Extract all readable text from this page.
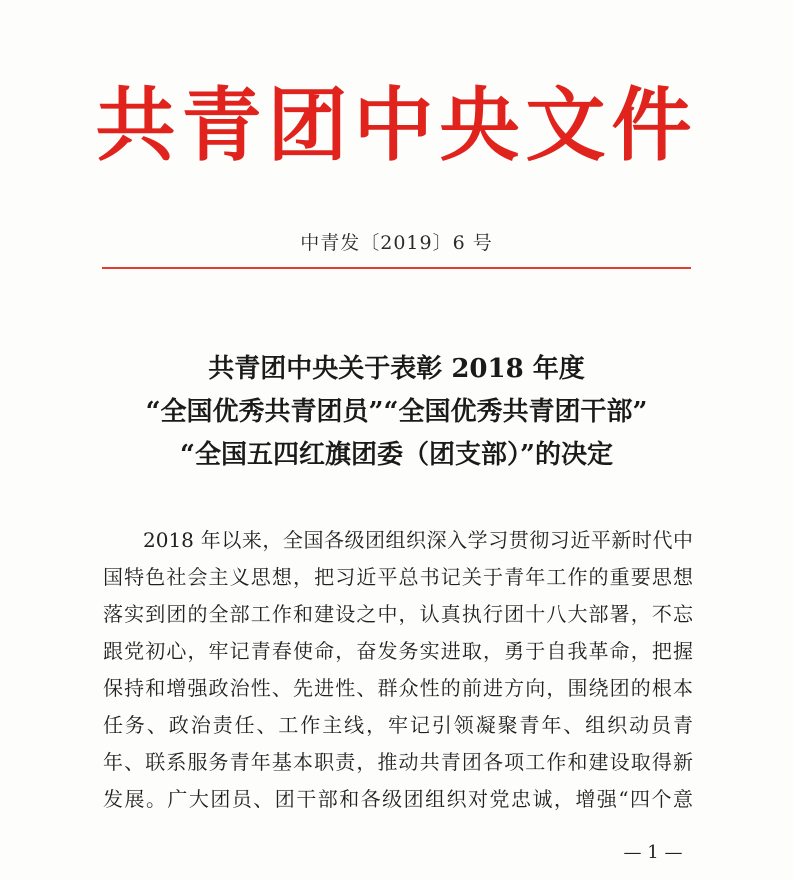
共青团中央文件
中青发〔2019〕6 号
共青团中央关于表彰 2018 年度
“全国优秀共青团员”“全国优秀共青团干部”
“全国五四红旗团委（团支部）”的决定
2018 年以来，全国各级团组织深入学习贯彻习近平新时代中
国特色社会主义思想，把习近平总书记关于青年工作的重要思想
落实到团的全部工作和建设之中，认真执行团十八大部署，不忘
跟党初心，牢记青春使命，奋发务实进取，勇于自我革命，把握
保持和增强政治性、先进性、群众性的前进方向，围绕团的根本
任务、政治责任、工作主线，牢记引领凝聚青年、组织动员青
年、联系服务青年基本职责，推动共青团各项工作和建设取得新
发展。广大团员、团干部和各级团组织对党忠诚，增强“四个意
— 1 —
